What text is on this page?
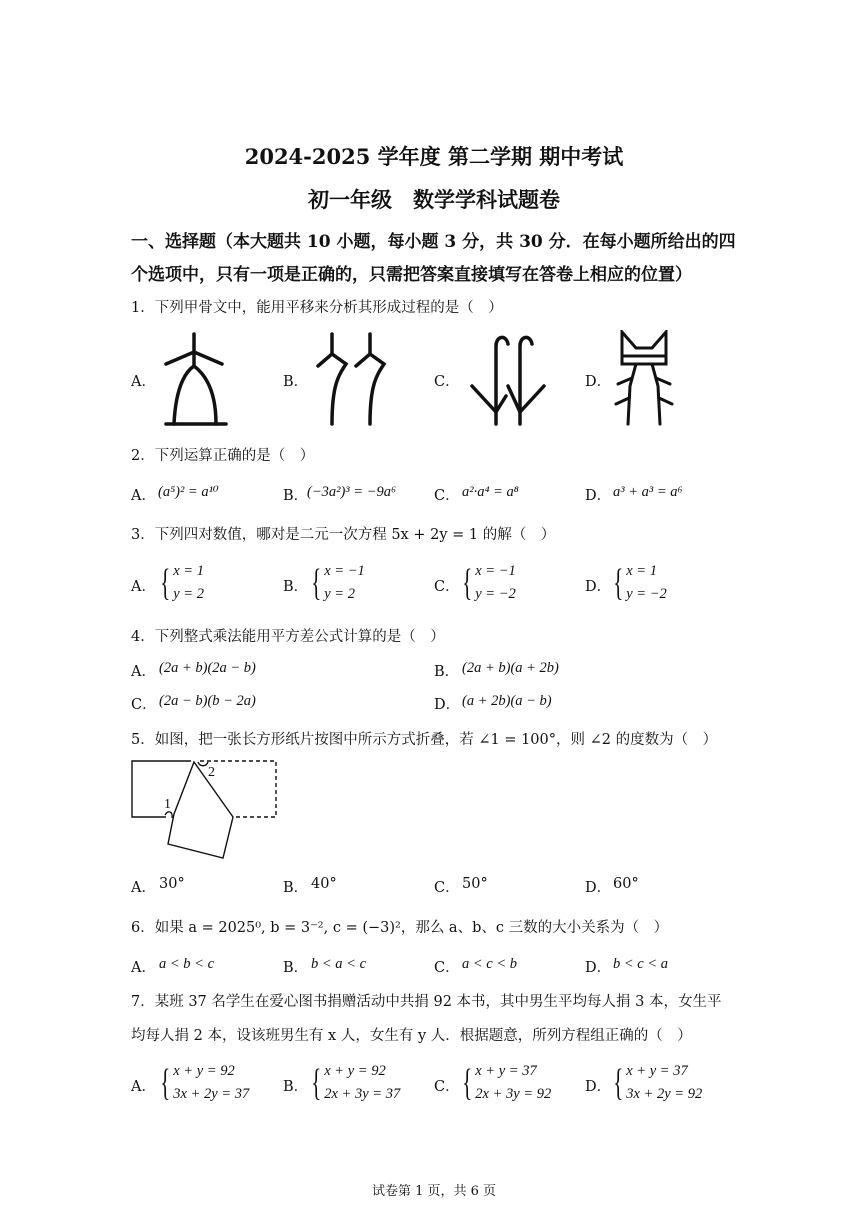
2024-2025 学年度 第二学期 期中考试
初一年级　数学学科试题卷
一、选择题（本大题共 10 小题，每小题 3 分，共 30 分．在每小题所给出的四
个选项中，只有一项是正确的，只需把答案直接填写在答卷上相应的位置）
1．下列甲骨文中，能用平移来分析其形成过程的是（　）
A．	B．	C．	D．
2．下列运算正确的是（　）
A． (a⁵)² = a¹⁰	B．
(−3a²)³ = −9a⁶	C． a²·a⁴ = a⁸	D． a³ + a³ = a⁶
3．下列四对数值，哪对是二元一次方程 5x + 2y = 1 的解（　）
A． { x = 1
y = 2	B． { x = −1
y = 2	C． { x = −1
y = −2	D． { x = 1
y = −2
4．下列整式乘法能用平方差公式计算的是（　）
A． (2a + b)(2a − b)	B． (2a + b)(a + 2b)
C． (2a − b)(b − 2a)	D． (a + 2b)(a − b)
5．如图，把一张长方形纸片按图中所示方式折叠，若 ∠1 = 100°，则 ∠2 的度数为（　）
1
2
A． 30°	B． 40°	C． 50°	D． 60°
6．如果 a = 2025⁰, b = 3⁻², c = (−3)²，那么 a、b、c 三数的大小关系为（　）
A． a < b < c	B． b < a < c	C． a < c < b	D． b < c < a
7．某班 37 名学生在爱心图书捐赠活动中共捐 92 本书，其中男生平均每人捐 3 本，女生平
均每人捐 2 本，设该班男生有 x 人，女生有 y 人．根据题意，所列方程组正确的（　）
A． { x + y = 92
3x + 2y = 37 B． { x + y = 92
2x + 3y = 37 C． { x + y = 37
2x + 3y = 92 D． { x + y = 37
3x + 2y = 92
试卷第 1 页，共 6 页
